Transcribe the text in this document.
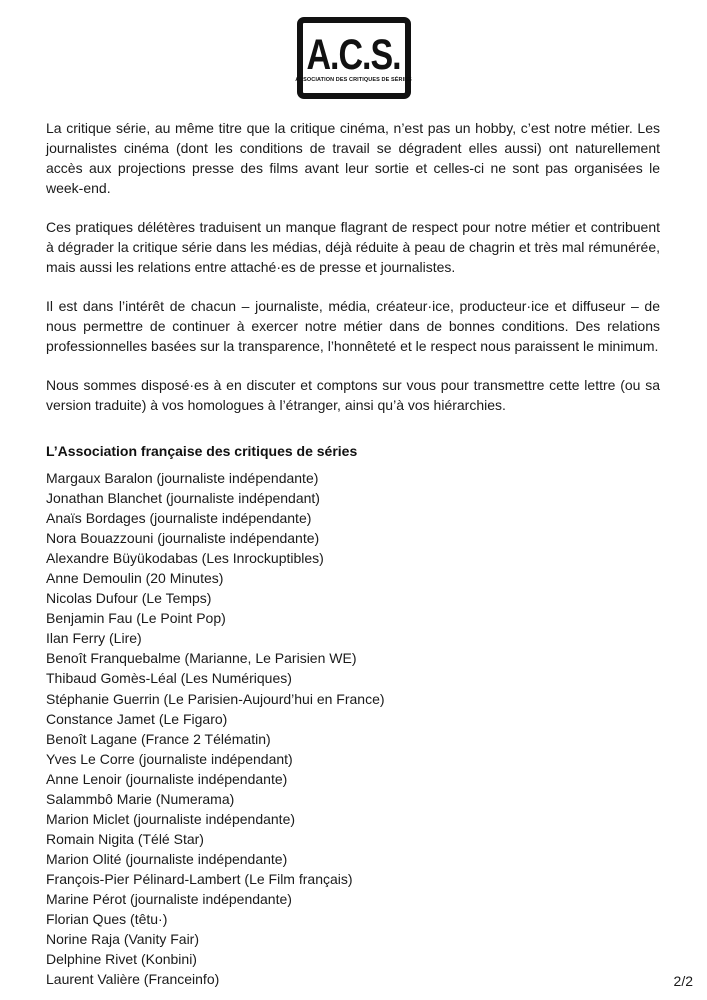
A.C.S.
ASSOCIATION DES CRITIQUES DE SÉRIES

La critique série, au même titre que la critique cinéma, n’est pas un hobby, c’est notre métier. Les journalistes cinéma (dont les conditions de travail se dégradent elles aussi) ont naturellement accès aux projections presse des films avant leur sortie et celles-ci ne sont pas organisées le week-end.

Ces pratiques délétères traduisent un manque flagrant de respect pour notre métier et contribuent à dégrader la critique série dans les médias, déjà réduite à peau de chagrin et très mal rémunérée, mais aussi les relations entre attaché·es de presse et journalistes.

Il est dans l’intérêt de chacun – journaliste, média, créateur·ice, producteur·ice et diffuseur – de nous permettre de continuer à exercer notre métier dans de bonnes conditions. Des relations professionnelles basées sur la transparence, l’honnêteté et le respect nous paraissent le minimum.

Nous sommes disposé·es à en discuter et comptons sur vous pour transmettre cette lettre (ou sa version traduite) à vos homologues à l’étranger, ainsi qu’à vos hiérarchies.

L’Association française des critiques de séries
Margaux Baralon (journaliste indépendante)
Jonathan Blanchet (journaliste indépendant)
Anaïs Bordages (journaliste indépendante)
Nora Bouazzouni (journaliste indépendante)
Alexandre Büyükodabas (Les Inrockuptibles)
Anne Demoulin (20 Minutes)
Nicolas Dufour (Le Temps)
Benjamin Fau (Le Point Pop)
Ilan Ferry (Lire)
Benoît Franquebalme (Marianne, Le Parisien WE)
Thibaud Gomès-Léal (Les Numériques)
Stéphanie Guerrin (Le Parisien-Aujourd’hui en France)
Constance Jamet (Le Figaro)
Benoît Lagane (France 2 Télématin)
Yves Le Corre (journaliste indépendant)
Anne Lenoir (journaliste indépendante)
Salammbô Marie (Numerama)
Marion Miclet (journaliste indépendante)
Romain Nigita (Télé Star)
Marion Olité (journaliste indépendante)
François-Pier Pélinard-Lambert (Le Film français)
Marine Pérot (journaliste indépendante)
Florian Ques (têtu·)
Norine Raja (Vanity Fair)
Delphine Rivet (Konbini)
Laurent Valière (Franceinfo)	2/2
